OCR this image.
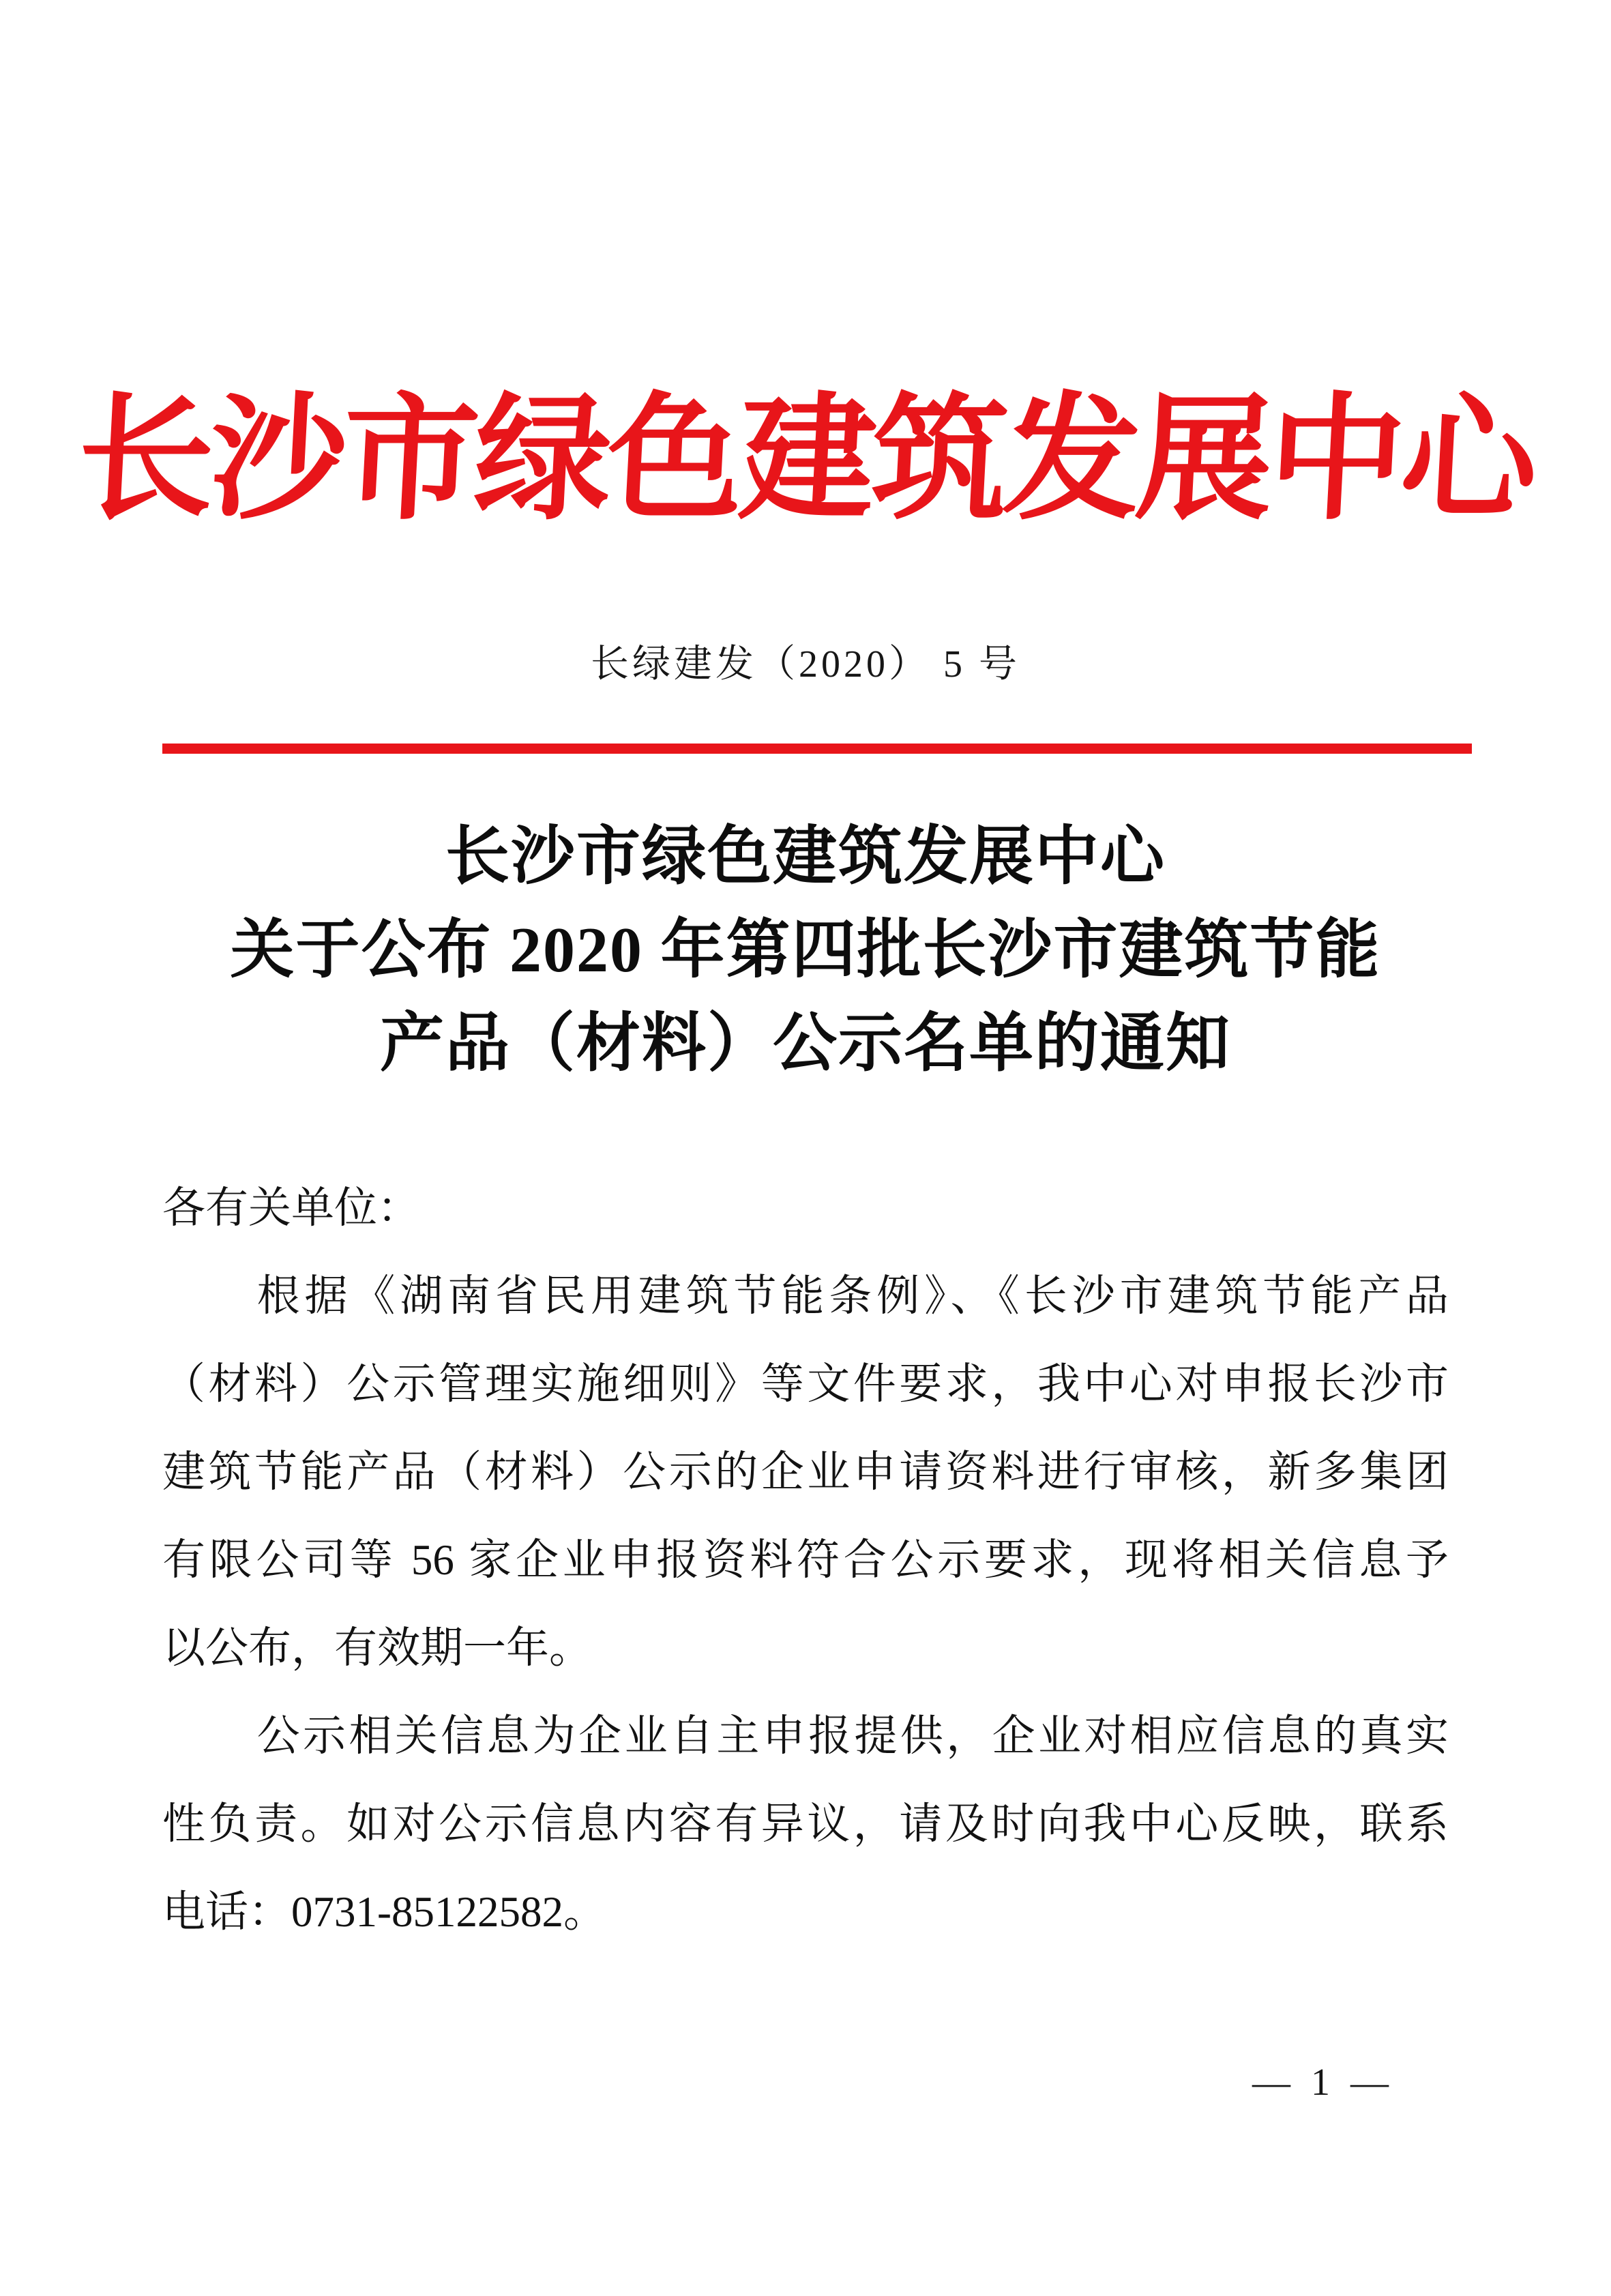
长沙市绿色建筑发展中心
长绿建发（2020） 5 号
长沙市绿色建筑发展中心
关于公布 2020 年第四批长沙市建筑节能
产品（材料）公示名单的通知
各有关单位：
根据《湖南省民用建筑节能条例》、《长沙市建筑节能产品
（材料）公示管理实施细则》等文件要求，我中心对申报长沙市
建筑节能产品（材料）公示的企业申请资料进行审核，新多集团
有限公司等 56 家企业申报资料符合公示要求，现将相关信息予
以公布，有效期一年。
公示相关信息为企业自主申报提供，企业对相应信息的真实
性负责。如对公示信息内容有异议，请及时向我中心反映，联系
电话：0731-85122582。
— 1 —
